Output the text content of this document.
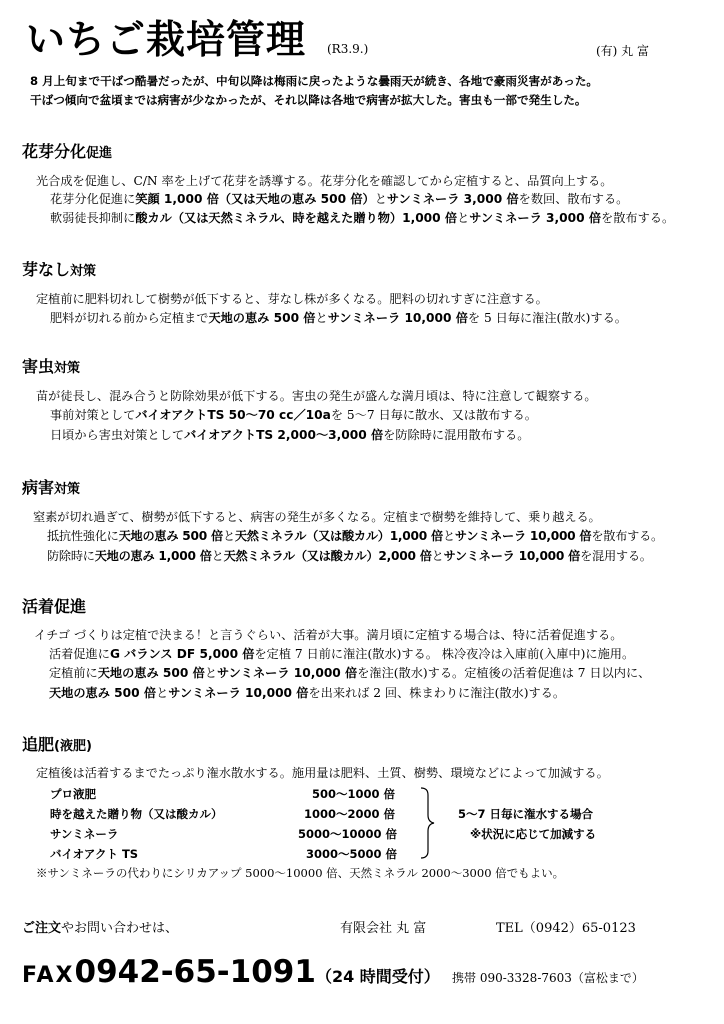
いちご栽培管理 (R3.9.)	(有) 丸 富
8 月上旬まで干ばつ酷暑だったが、中旬以降は梅雨に戻ったような曇雨天が続き、各地で豪雨災害があった。
干ばつ傾向で盆頃までは病害が少なかったが、それ以降は各地で病害が拡大した。害虫も一部で発生した。
花芽分化促進
光合成を促進し、C/N 率を上げて花芽を誘導する。花芽分化を確認してから定植すると、品質向上する。
花芽分化促進に笑顔 1,000 倍（又は天地の恵み 500 倍）とサンミネーラ 3,000 倍を数回、散布する。
軟弱徒長抑制に酸カル（又は天然ミネラル、時を越えた贈り物）1,000 倍とサンミネーラ 3,000 倍を散布する。
芽なし対策
定植前に肥料切れして樹勢が低下すると、芽なし株が多くなる。肥料の切れすぎに注意する。
肥料が切れる前から定植まで天地の恵み 500 倍とサンミネーラ 10,000 倍を 5 日毎に潅注(散水)する。
害虫対策
苗が徒長し、混み合うと防除効果が低下する。害虫の発生が盛んな満月頃は、特に注意して観察する。
事前対策としてバイオアクトTS 50～70 cc／10aを 5～7 日毎に散水、又は散布する。
日頃から害虫対策としてバイオアクトTS 2,000～3,000 倍を防除時に混用散布する。
病害対策
窒素が切れ過ぎて、樹勢が低下すると、病害の発生が多くなる。定植まで樹勢を維持して、乗り越える。
抵抗性強化に天地の恵み 500 倍と天然ミネラル（又は酸カル）1,000 倍とサンミネーラ 10,000 倍を散布する。
防除時に天地の恵み 1,000 倍と天然ミネラル（又は酸カル）2,000 倍とサンミネーラ 10,000 倍を混用する。
活着促進
イチゴ づくりは定植で決まる！と言うぐらい、活着が大事。満月頃に定植する場合は、特に活着促進する。
活着促進にG バランス DF 5,000 倍を定植 7 日前に潅注(散水)する。 株冷夜冷は入庫前(入庫中)に施用。
定植前に天地の恵み 500 倍とサンミネーラ 10,000 倍を潅注(散水)する。定植後の活着促進は 7 日以内に、
天地の恵み 500 倍とサンミネーラ 10,000 倍を出来れば 2 回、株まわりに潅注(散水)する。
追肥(液肥)
定植後は活着するまでたっぷり潅水散水する。施用量は肥料、土質、樹勢、環境などによって加減する。
プロ液肥	500～1000 倍
時を越えた贈り物（又は酸カル）	1000～2000 倍
サンミネーラ	5000～10000 倍
バイオアクト TS	3000～5000 倍
5～7 日毎に潅水する場合
※状況に応じて加減する
※サンミネーラの代わりにシリカアップ 5000～10000 倍、天然ミネラル 2000～3000 倍でもよい。
ご注文やお問い合わせは、	有限会社 丸 富	TEL（0942）65-0123
FAX0942-65-1091（24 時間受付） 携帯 090-3328-7603（富松まで）
